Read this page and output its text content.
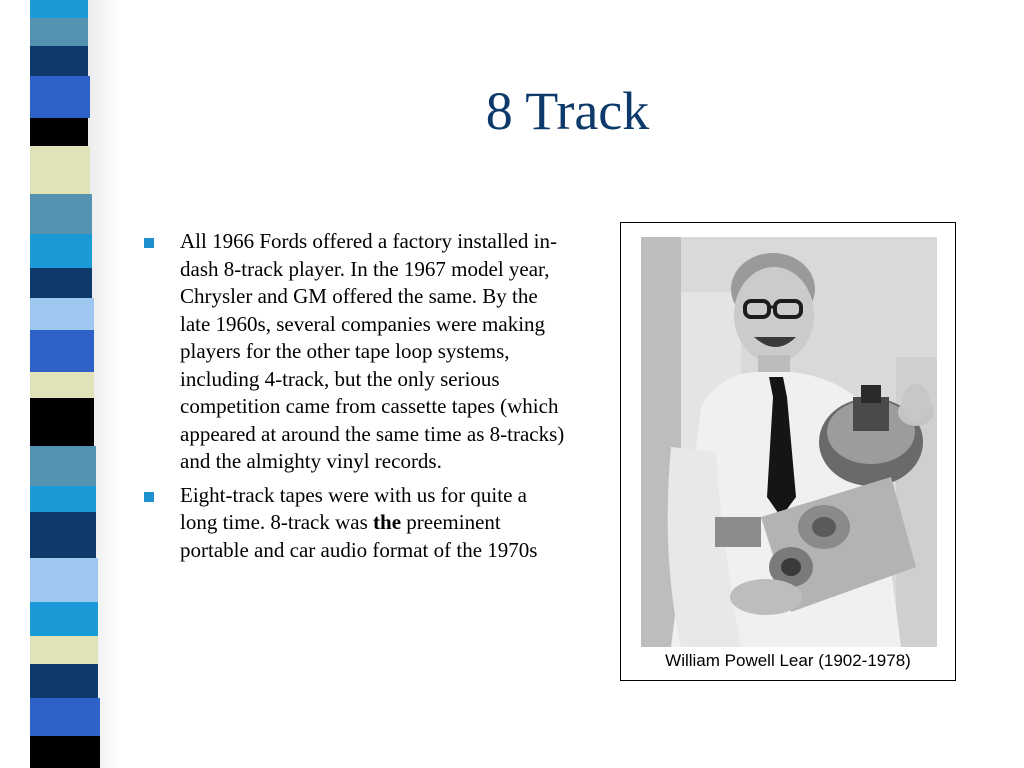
8 Track
All 1966 Fords offered a factory installed in-dash 8-track player. In the 1967 model year, Chrysler and GM offered the same. By the late 1960s, several companies were making players for the other tape loop systems, including 4-track, but the only serious competition came from cassette tapes (which appeared at around the same time as 8-tracks) and the almighty vinyl records.
Eight-track tapes were with us for quite a long time. 8-track was the preeminent portable and car audio format of the 1970s
William Powell Lear (1902-1978)
